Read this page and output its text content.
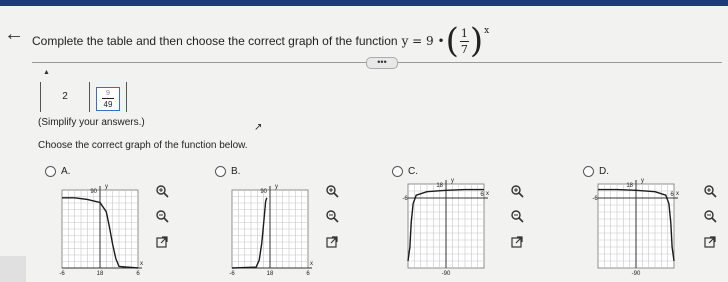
← Complete the table and then choose the correct graph of the function y = 9 • ( $\frac{1}{7}$ ) x
•••
▲
2	9
49
(Simplify your answers.)	↗
Choose the correct graph of the function below.
A.	B.	C.	D.
y
x
90
-6	18	6
y
x
90
-6	18	6
y
x
18
-90
-6
6
y
x
18
-90
-6
6
